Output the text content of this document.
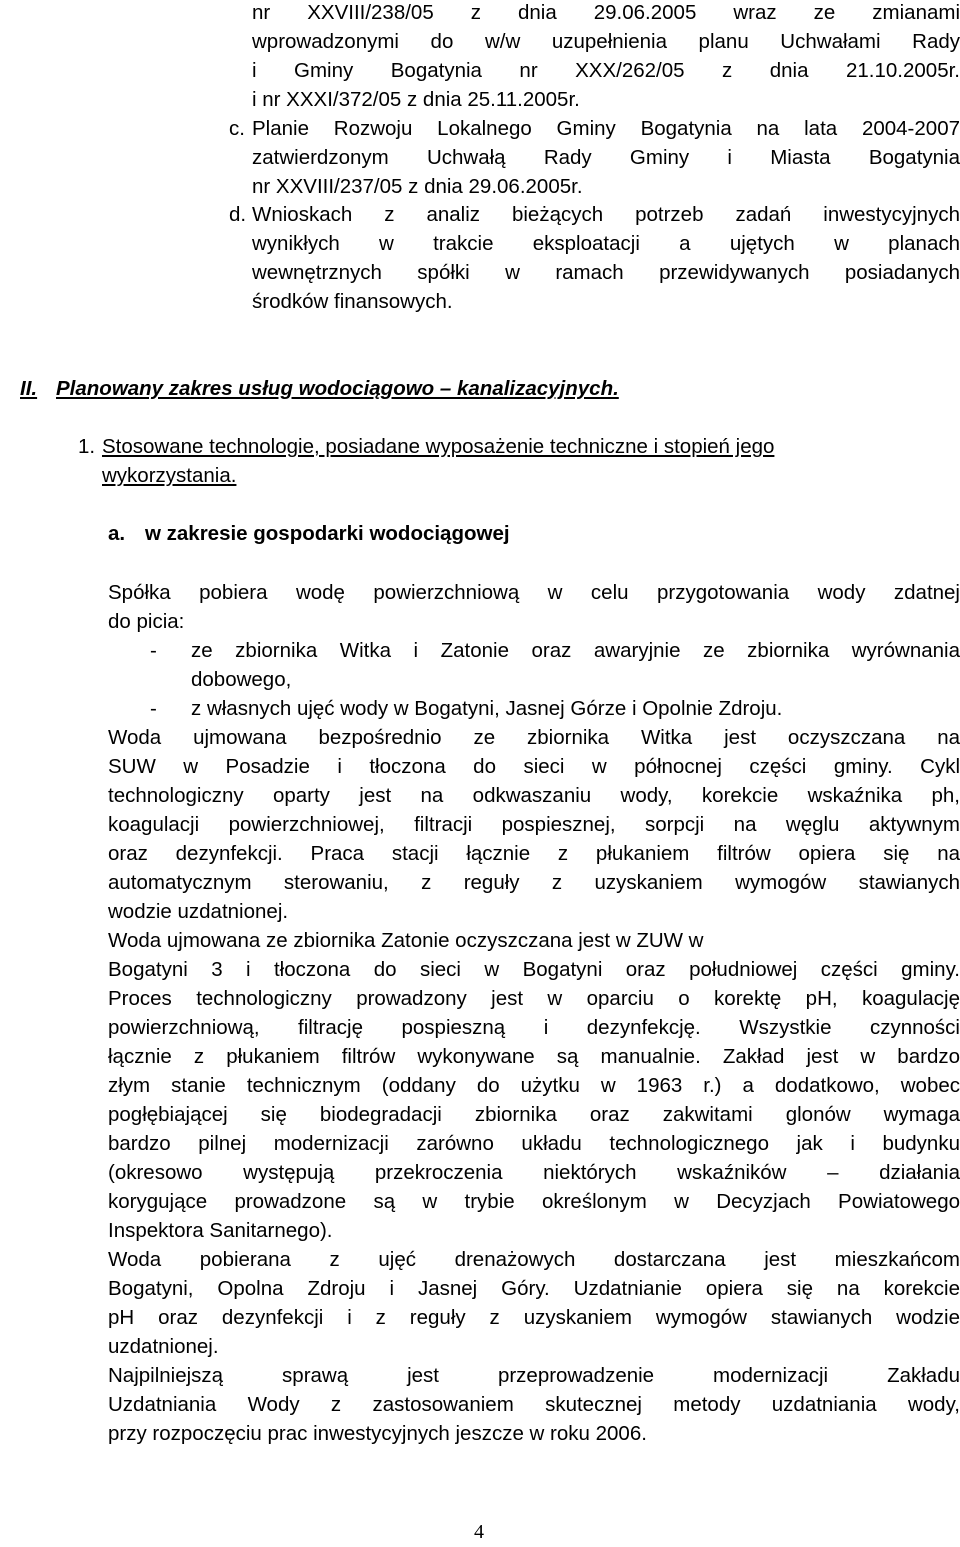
nr XXVIII/238/05 z dnia 29.06.2005 wraz ze zmianami
wprowadzonymi do w/w uzupełnienia planu Uchwałami Rady
i Gminy Bogatynia nr XXX/262/05 z dnia 21.10.2005r.
i nr XXXI/372/05 z dnia 25.11.2005r.
c. Planie Rozwoju Lokalnego Gminy Bogatynia na lata 2004-2007
zatwierdzonym Uchwałą Rady Gminy i Miasta Bogatynia
nr XXVIII/237/05 z dnia 29.06.2005r.
d. Wnioskach z analiz bieżących potrzeb zadań inwestycyjnych
wynikłych w trakcie eksploatacji a ujętych w planach
wewnętrznych spółki w ramach przewidywanych posiadanych
środków finansowych.
II. Planowany zakres usług wodociągowo – kanalizacyjnych.
1. Stosowane technologie, posiadane wyposażenie techniczne i stopień jego
wykorzystania.
a. w zakresie gospodarki wodociągowej
Spółka pobiera wodę powierzchniową w celu przygotowania wody zdatnej
do picia:
- ze zbiornika Witka i Zatonie oraz awaryjnie ze zbiornika wyrównania
dobowego,
- z własnych ujęć wody w Bogatyni, Jasnej Górze i Opolnie Zdroju.
Woda ujmowana bezpośrednio ze zbiornika Witka jest oczyszczana na
SUW w Posadzie i tłoczona do sieci w północnej części gminy. Cykl
technologiczny oparty jest na odkwaszaniu wody, korekcie wskaźnika ph,
koagulacji powierzchniowej, filtracji pospiesznej, sorpcji na węglu aktywnym
oraz dezynfekcji. Praca stacji łącznie z płukaniem filtrów opiera się na
automatycznym sterowaniu, z reguły z uzyskaniem wymogów stawianych
wodzie uzdatnionej.
Woda ujmowana ze zbiornika Zatonie oczyszczana jest w ZUW w
Bogatyni 3 i tłoczona do sieci w Bogatyni oraz południowej części gminy.
Proces technologiczny prowadzony jest w oparciu o korektę pH, koagulację
powierzchniową, filtrację pospieszną i dezynfekcję. Wszystkie czynności
łącznie z płukaniem filtrów wykonywane są manualnie. Zakład jest w bardzo
złym stanie technicznym (oddany do użytku w 1963 r.) a dodatkowo, wobec
pogłębiającej się biodegradacji zbiornika oraz zakwitami glonów wymaga
bardzo pilnej modernizacji zarówno układu technologicznego jak i budynku
(okresowo występują przekroczenia niektórych wskaźników – działania
korygujące prowadzone są w trybie określonym w Decyzjach Powiatowego
Inspektora Sanitarnego).
Woda pobierana z ujęć drenażowych dostarczana jest mieszkańcom
Bogatyni, Opolna Zdroju i Jasnej Góry. Uzdatnianie opiera się na korekcie
pH oraz dezynfekcji i z reguły z uzyskaniem wymogów stawianych wodzie
uzdatnionej.
Najpilniejszą sprawą jest przeprowadzenie modernizacji Zakładu
Uzdatniania Wody z zastosowaniem skutecznej metody uzdatniania wody,
przy rozpoczęciu prac inwestycyjnych jeszcze w roku 2006.
4
